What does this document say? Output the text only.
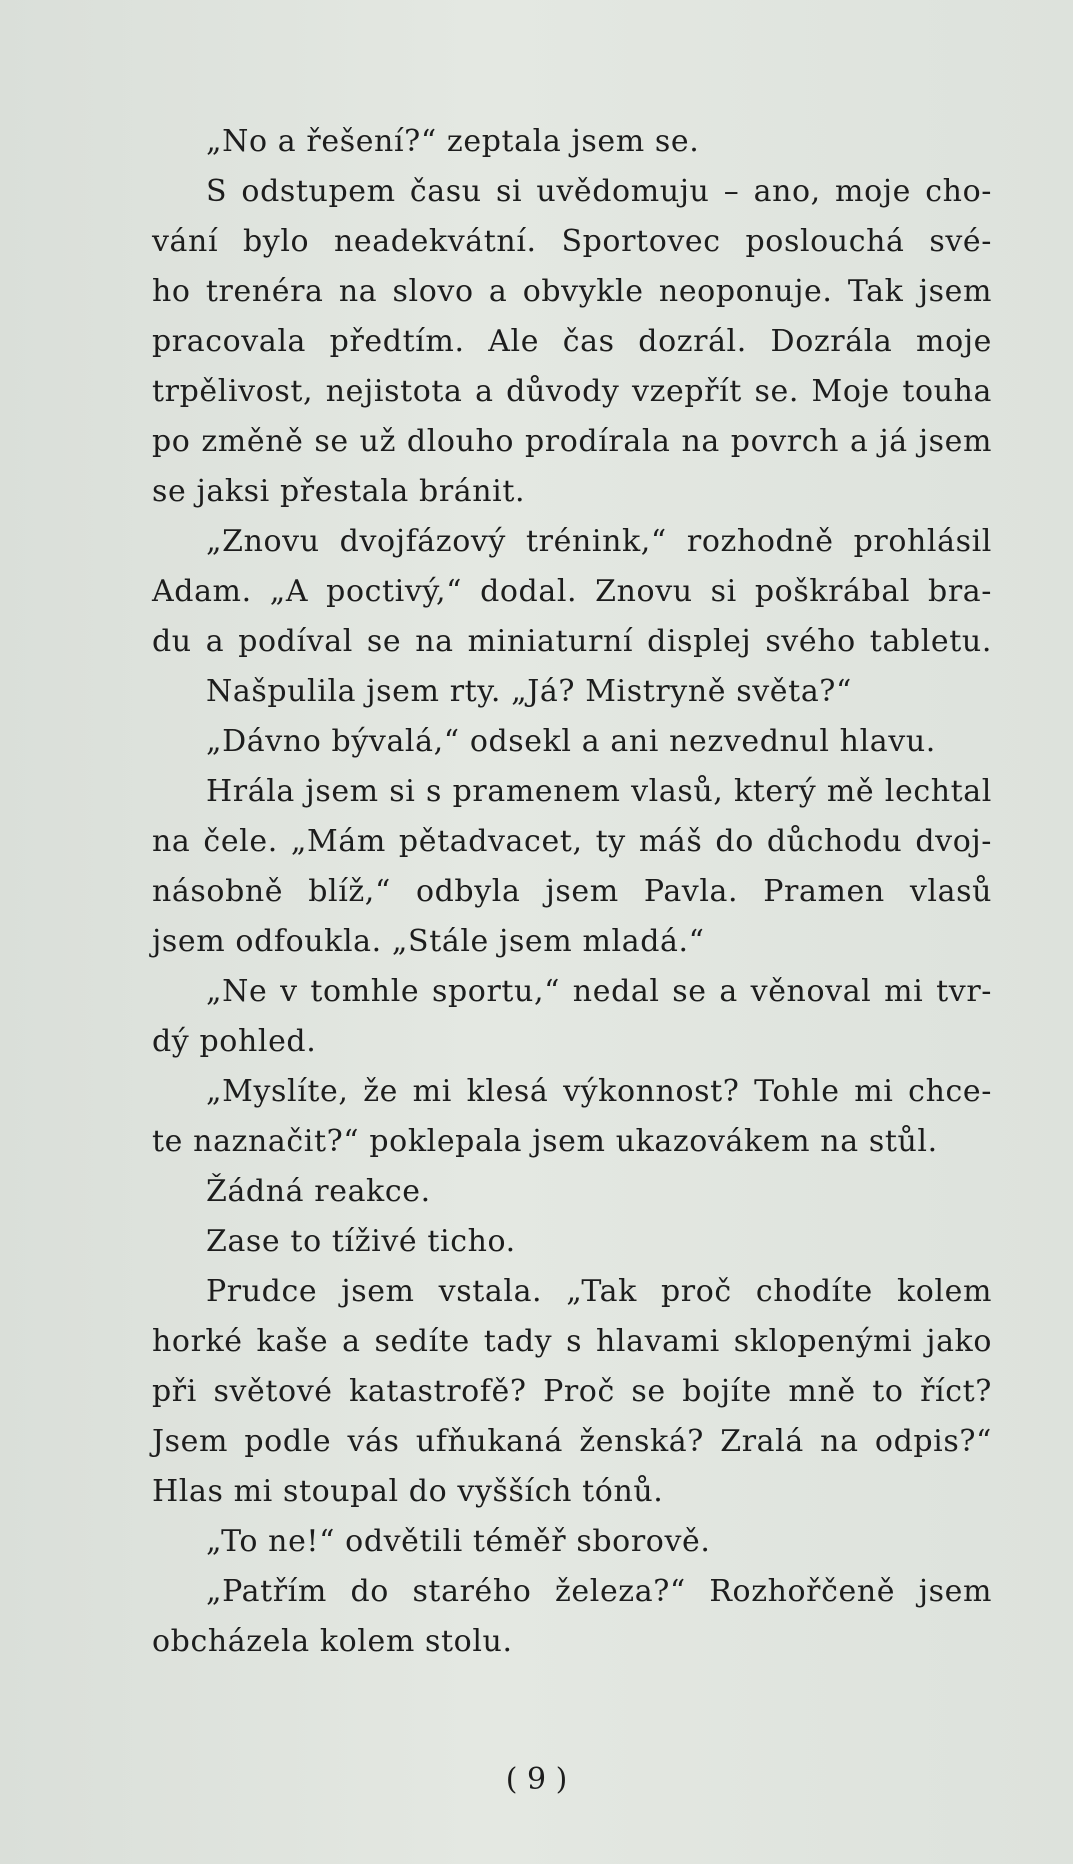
„No a řešení?“ zeptala jsem se.
S odstupem času si uvědomuju – ano, moje cho-
vání bylo neadekvátní. Sportovec poslouchá své-
ho trenéra na slovo a obvykle neoponuje. Tak jsem
pracovala předtím. Ale čas dozrál. Dozrála moje
trpělivost, nejistota a důvody vzepřít se. Moje touha
po změně se už dlouho prodírala na povrch a já jsem
se jaksi přestala bránit.
„Znovu dvojfázový trénink,“ rozhodně prohlásil
Adam. „A poctivý,“ dodal. Znovu si poškrábal bra-
du a podíval se na miniaturní displej svého tabletu.
Našpulila jsem rty. „Já? Mistryně světa?“
„Dávno bývalá,“ odsekl a ani nezvednul hlavu.
Hrála jsem si s pramenem vlasů, který mě lechtal
na čele. „Mám pětadvacet, ty máš do důchodu dvoj-
násobně blíž,“ odbyla jsem Pavla. Pramen vlasů
jsem odfoukla. „Stále jsem mladá.“
„Ne v tomhle sportu,“ nedal se a věnoval mi tvr-
dý pohled.
„Myslíte, že mi klesá výkonnost? Tohle mi chce-
te naznačit?“ poklepala jsem ukazovákem na stůl.
Žádná reakce.
Zase to tíživé ticho.
Prudce jsem vstala. „Tak proč chodíte kolem
horké kaše a sedíte tady s hlavami sklopenými jako
při světové katastrofě? Proč se bojíte mně to říct?
Jsem podle vás ufňukaná ženská? Zralá na odpis?“
Hlas mi stoupal do vyšších tónů.
„To ne!“ odvětili téměř sborově.
„Patřím do starého železa?“ Rozhořčeně jsem
obcházela kolem stolu.
( 9 )
